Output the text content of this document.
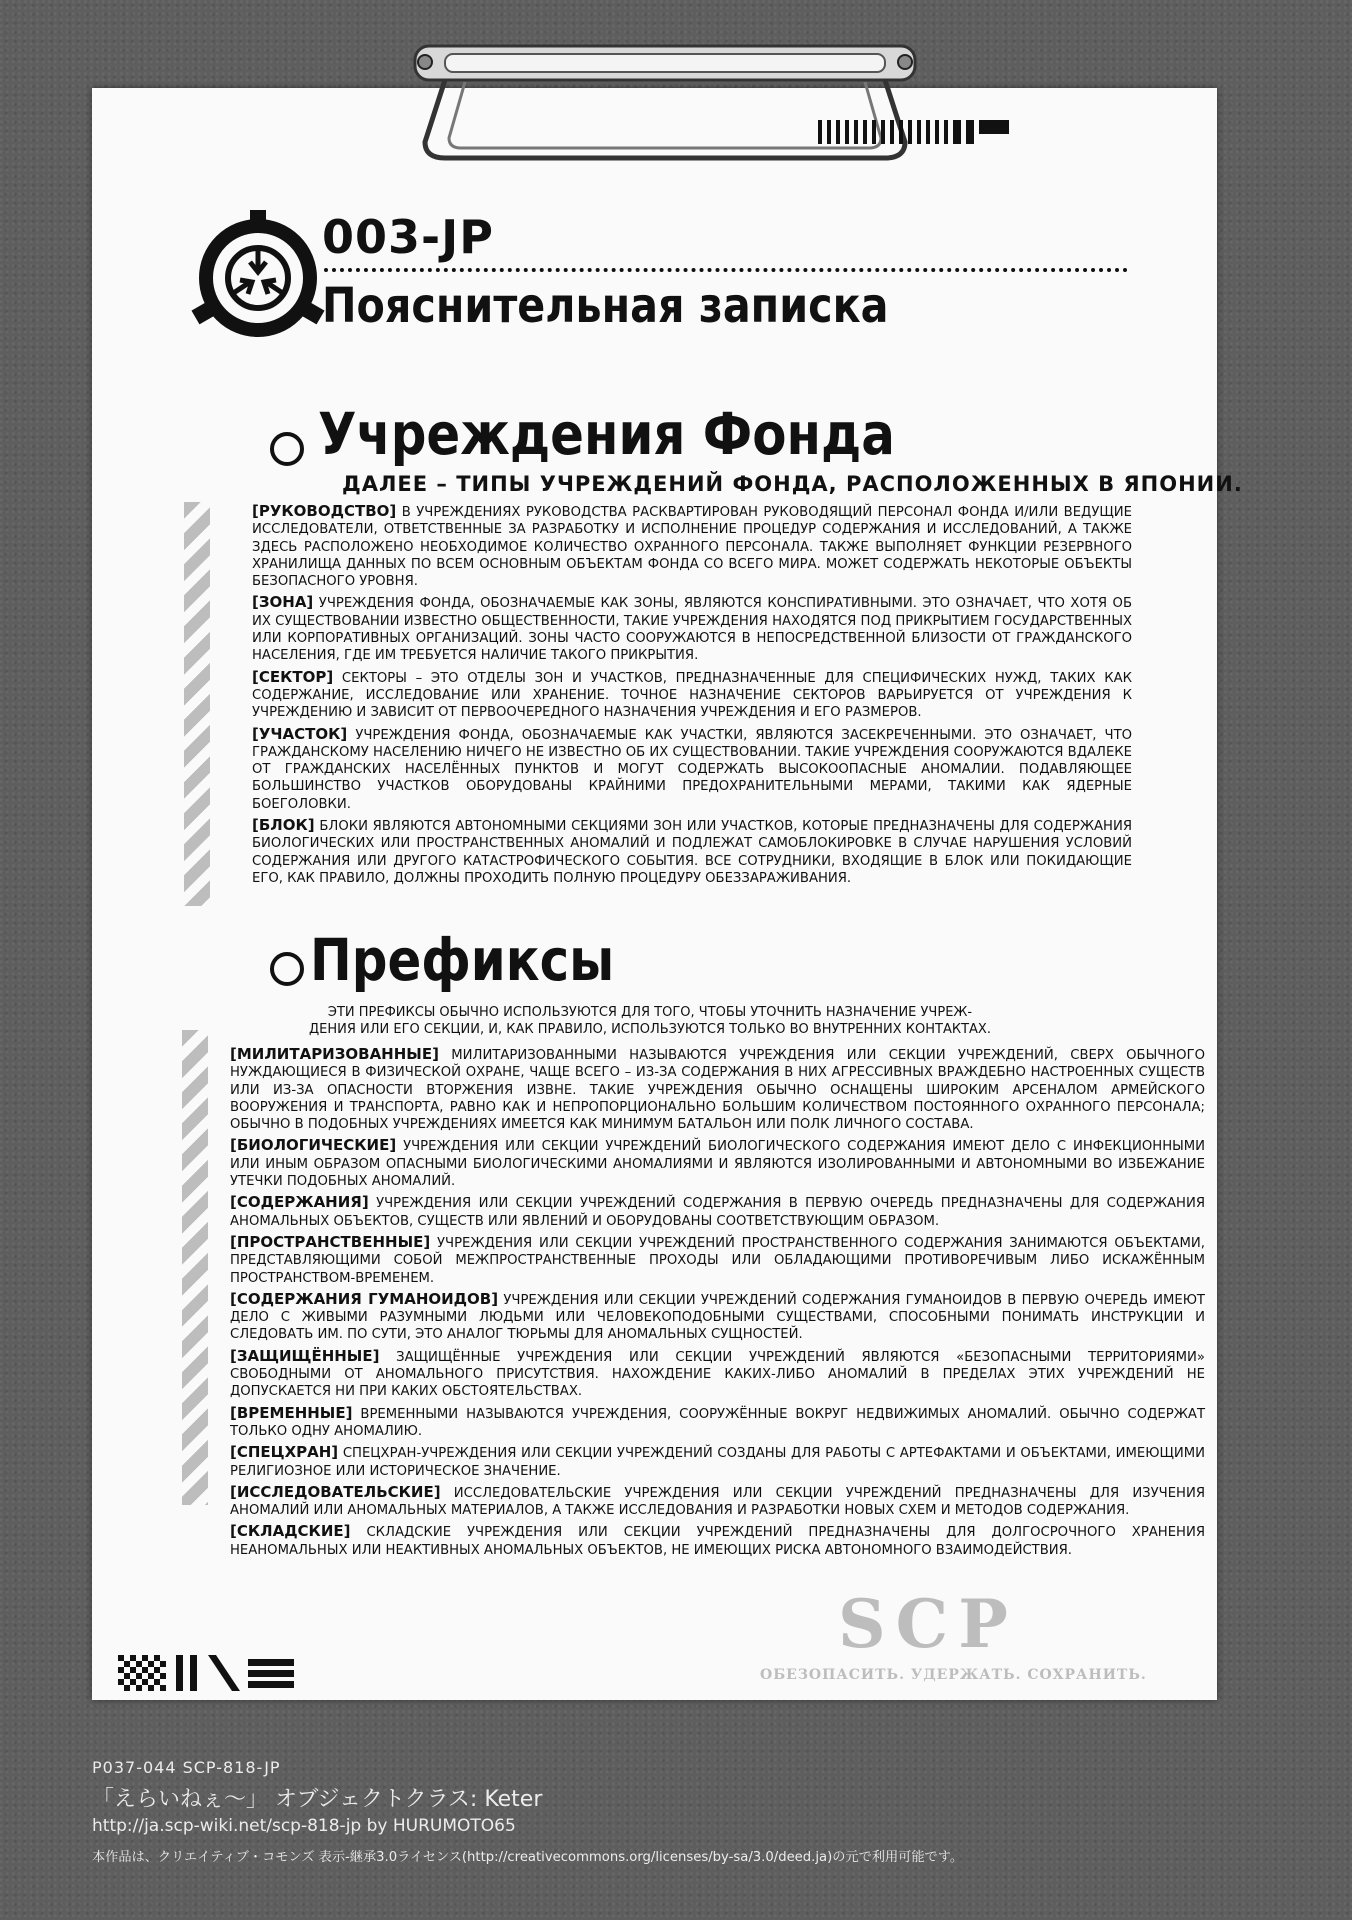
003-JP
Пояснительная записка
Учреждения Фонда
ДАЛЕЕ – ТИПЫ УЧРЕЖДЕНИЙ ФОНДА, РАСПОЛОЖЕННЫХ В ЯПОНИИ.

[РУКОВОДСТВО] В УЧРЕЖДЕНИЯХ РУКОВОДСТВА РАСКВАРТИРОВАН РУКОВОДЯЩИЙ ПЕРСОНАЛ ФОНДА И/ИЛИ ВЕДУЩИЕ ИССЛЕДОВАТЕЛИ, ОТВЕТСТВЕННЫЕ ЗА РАЗРАБОТКУ И ИСПОЛНЕНИЕ ПРОЦЕДУР СОДЕРЖАНИЯ И ИССЛЕДОВАНИЙ, А ТАКЖЕ ЗДЕСЬ РАСПОЛОЖЕНО НЕОБХОДИМОЕ КОЛИЧЕСТВО ОХРАННОГО ПЕРСОНАЛА. ТАКЖЕ ВЫПОЛНЯЕТ ФУНКЦИИ РЕЗЕРВНОГО ХРАНИЛИЩА ДАННЫХ ПО ВСЕМ ОСНОВНЫМ ОБЪЕКТАМ ФОНДА СО ВСЕГО МИРА. МОЖЕТ СОДЕРЖАТЬ НЕКОТОРЫЕ ОБЪЕКТЫ БЕЗОПАСНОГО УРОВНЯ.

[ЗОНА] УЧРЕЖДЕНИЯ ФОНДА, ОБОЗНАЧАЕМЫЕ КАК ЗОНЫ, ЯВЛЯЮТСЯ КОНСПИРАТИВНЫМИ. ЭТО ОЗНАЧАЕТ, ЧТО ХОТЯ ОБ ИХ СУЩЕСТВОВАНИИ ИЗВЕСТНО ОБЩЕСТВЕННОСТИ, ТАКИЕ УЧРЕЖДЕНИЯ НАХОДЯТСЯ ПОД ПРИКРЫТИЕМ ГОСУДАРСТВЕННЫХ ИЛИ КОРПОРАТИВНЫХ ОРГАНИЗАЦИЙ. ЗОНЫ ЧАСТО СООРУЖАЮТСЯ В НЕПОСРЕДСТВЕННОЙ БЛИЗОСТИ ОТ ГРАЖДАНСКОГО НАСЕЛЕНИЯ, ГДЕ ИМ ТРЕБУЕТСЯ НАЛИЧИЕ ТАКОГО ПРИКРЫТИЯ.

[СЕКТОР] СЕКТОРЫ – ЭТО ОТДЕЛЫ ЗОН И УЧАСТКОВ, ПРЕДНАЗНАЧЕННЫЕ ДЛЯ СПЕЦИФИЧЕСКИХ НУЖД, ТАКИХ КАК СОДЕРЖАНИЕ, ИССЛЕДОВАНИЕ ИЛИ ХРАНЕНИЕ. ТОЧНОЕ НАЗНАЧЕНИЕ СЕКТОРОВ ВАРЬИРУЕТСЯ ОТ УЧРЕЖДЕНИЯ К УЧРЕЖДЕНИЮ И ЗАВИСИТ ОТ ПЕРВООЧЕРЕДНОГО НАЗНАЧЕНИЯ УЧРЕЖДЕНИЯ И ЕГО РАЗМЕРОВ.

[УЧАСТОК] УЧРЕЖДЕНИЯ ФОНДА, ОБОЗНАЧАЕМЫЕ КАК УЧАСТКИ, ЯВЛЯЮТСЯ ЗАСЕКРЕЧЕННЫМИ. ЭТО ОЗНАЧАЕТ, ЧТО ГРАЖДАНСКОМУ НАСЕЛЕНИЮ НИЧЕГО НЕ ИЗВЕСТНО ОБ ИХ СУЩЕСТВОВАНИИ. ТАКИЕ УЧРЕЖДЕНИЯ СООРУЖАЮТСЯ ВДАЛЕКЕ ОТ ГРАЖДАНСКИХ НАСЕЛЁННЫХ ПУНКТОВ И МОГУТ СОДЕРЖАТЬ ВЫСОКООПАСНЫЕ АНОМАЛИИ. ПОДАВЛЯЮЩЕЕ БОЛЬШИНСТВО УЧАСТКОВ ОБОРУДОВАНЫ КРАЙНИМИ ПРЕДОХРАНИТЕЛЬНЫМИ МЕРАМИ, ТАКИМИ КАК ЯДЕРНЫЕ БОЕГОЛОВКИ.

[БЛОК] БЛОКИ ЯВЛЯЮТСЯ АВТОНОМНЫМИ СЕКЦИЯМИ ЗОН ИЛИ УЧАСТКОВ, КОТОРЫЕ ПРЕДНАЗНАЧЕНЫ ДЛЯ СОДЕРЖАНИЯ БИОЛОГИЧЕСКИХ ИЛИ ПРОСТРАНСТВЕННЫХ АНОМАЛИЙ И ПОДЛЕЖАТ САМОБЛОКИРОВКЕ В СЛУЧАЕ НАРУШЕНИЯ УСЛОВИЙ СОДЕРЖАНИЯ ИЛИ ДРУГОГО КАТАСТРОФИЧЕСКОГО СОБЫТИЯ. ВСЕ СОТРУДНИКИ, ВХОДЯЩИЕ В БЛОК ИЛИ ПОКИДАЮЩИЕ ЕГО, КАК ПРАВИЛО, ДОЛЖНЫ ПРОХОДИТЬ ПОЛНУЮ ПРОЦЕДУРУ ОБЕЗЗАРАЖИВАНИЯ.

Префиксы
ЭТИ ПРЕФИКСЫ ОБЫЧНО ИСПОЛЬЗУЮТСЯ ДЛЯ ТОГО, ЧТОБЫ УТОЧНИТЬ НАЗНАЧЕНИЕ УЧРЕЖ-
ДЕНИЯ ИЛИ ЕГО СЕКЦИИ, И, КАК ПРАВИЛО, ИСПОЛЬЗУЮТСЯ ТОЛЬКО ВО ВНУТРЕННИХ КОНТАКТАХ.

[МИЛИТАРИЗОВАННЫЕ] МИЛИТАРИЗОВАННЫМИ НАЗЫВАЮТСЯ УЧРЕЖДЕНИЯ ИЛИ СЕКЦИИ УЧРЕЖДЕНИЙ, СВЕРХ ОБЫЧНОГО НУЖДАЮЩИЕСЯ В ФИЗИЧЕСКОЙ ОХРАНЕ, ЧАЩЕ ВСЕГО – ИЗ-ЗА СОДЕРЖАНИЯ В НИХ АГРЕССИВНЫХ ВРАЖДЕБНО НАСТРОЕННЫХ СУЩЕСТВ ИЛИ ИЗ-ЗА ОПАСНОСТИ ВТОРЖЕНИЯ ИЗВНЕ. ТАКИЕ УЧРЕЖДЕНИЯ ОБЫЧНО ОСНАЩЕНЫ ШИРОКИМ АРСЕНАЛОМ АРМЕЙСКОГО ВООРУЖЕНИЯ И ТРАНСПОРТА, РАВНО КАК И НЕПРОПОРЦИОНАЛЬНО БОЛЬШИМ КОЛИЧЕСТВОМ ПОСТОЯННОГО ОХРАННОГО ПЕРСОНАЛА; ОБЫЧНО В ПОДОБНЫХ УЧРЕЖДЕНИЯХ ИМЕЕТСЯ КАК МИНИМУМ БАТАЛЬОН ИЛИ ПОЛК ЛИЧНОГО СОСТАВА.

[БИОЛОГИЧЕСКИЕ] УЧРЕЖДЕНИЯ ИЛИ СЕКЦИИ УЧРЕЖДЕНИЙ БИОЛОГИЧЕСКОГО СОДЕРЖАНИЯ ИМЕЮТ ДЕЛО С ИНФЕКЦИОННЫМИ ИЛИ ИНЫМ ОБРАЗОМ ОПАСНЫМИ БИОЛОГИЧЕСКИМИ АНОМАЛИЯМИ И ЯВЛЯЮТСЯ ИЗОЛИРОВАННЫМИ И АВТОНОМНЫМИ ВО ИЗБЕЖАНИЕ УТЕЧКИ ПОДОБНЫХ АНОМАЛИЙ.

[СОДЕРЖАНИЯ] УЧРЕЖДЕНИЯ ИЛИ СЕКЦИИ УЧРЕЖДЕНИЙ СОДЕРЖАНИЯ В ПЕРВУЮ ОЧЕРЕДЬ ПРЕДНАЗНАЧЕНЫ ДЛЯ СОДЕРЖАНИЯ АНОМАЛЬНЫХ ОБЪЕКТОВ, СУЩЕСТВ ИЛИ ЯВЛЕНИЙ И ОБОРУДОВАНЫ СООТВЕТСТВУЮЩИМ ОБРАЗОМ.

[ПРОСТРАНСТВЕННЫЕ] УЧРЕЖДЕНИЯ ИЛИ СЕКЦИИ УЧРЕЖДЕНИЙ ПРОСТРАНСТВЕННОГО СОДЕРЖАНИЯ ЗАНИМАЮТСЯ ОБЪЕКТАМИ, ПРЕДСТАВЛЯЮЩИМИ СОБОЙ МЕЖПРОСТРАНСТВЕННЫЕ ПРОХОДЫ ИЛИ ОБЛАДАЮЩИМИ ПРОТИВОРЕЧИВЫМ ЛИБО ИСКАЖЁННЫМ ПРОСТРАНСТВОМ-ВРЕМЕНЕМ.

[СОДЕРЖАНИЯ ГУМАНОИДОВ] УЧРЕЖДЕНИЯ ИЛИ СЕКЦИИ УЧРЕЖДЕНИЙ СОДЕРЖАНИЯ ГУМАНОИДОВ В ПЕРВУЮ ОЧЕРЕДЬ ИМЕЮТ ДЕЛО С ЖИВЫМИ РАЗУМНЫМИ ЛЮДЬМИ ИЛИ ЧЕЛОВЕКОПОДОБНЫМИ СУЩЕСТВАМИ, СПОСОБНЫМИ ПОНИМАТЬ ИНСТРУКЦИИ И СЛЕДОВАТЬ ИМ. ПО СУТИ, ЭТО АНАЛОГ ТЮРЬМЫ ДЛЯ АНОМАЛЬНЫХ СУЩНОСТЕЙ.

[ЗАЩИЩЁННЫЕ] ЗАЩИЩЁННЫЕ УЧРЕЖДЕНИЯ ИЛИ СЕКЦИИ УЧРЕЖДЕНИЙ ЯВЛЯЮТСЯ «БЕЗОПАСНЫМИ ТЕРРИТОРИЯМИ» СВОБОДНЫМИ ОТ АНОМАЛЬНОГО ПРИСУТСТВИЯ. НАХОЖДЕНИЕ КАКИХ-ЛИБО АНОМАЛИЙ В ПРЕДЕЛАХ ЭТИХ УЧРЕЖДЕНИЙ НЕ ДОПУСКАЕТСЯ НИ ПРИ КАКИХ ОБСТОЯТЕЛЬСТВАХ.

[ВРЕМЕННЫЕ] ВРЕМЕННЫМИ НАЗЫВАЮТСЯ УЧРЕЖДЕНИЯ, СООРУЖЁННЫЕ ВОКРУГ НЕДВИЖИМЫХ АНОМАЛИЙ. ОБЫЧНО СОДЕРЖАТ ТОЛЬКО ОДНУ АНОМАЛИЮ.

[СПЕЦХРАН] СПЕЦХРАН-УЧРЕЖДЕНИЯ ИЛИ СЕКЦИИ УЧРЕЖДЕНИЙ СОЗДАНЫ ДЛЯ РАБОТЫ С АРТЕФАКТАМИ И ОБЪЕКТАМИ, ИМЕЮЩИМИ РЕЛИГИОЗНОЕ ИЛИ ИСТОРИЧЕСКОЕ ЗНАЧЕНИЕ.

[ИССЛЕДОВАТЕЛЬСКИЕ] ИССЛЕДОВАТЕЛЬСКИЕ УЧРЕЖДЕНИЯ ИЛИ СЕКЦИИ УЧРЕЖДЕНИЙ ПРЕДНАЗНАЧЕНЫ ДЛЯ ИЗУЧЕНИЯ АНОМАЛИЙ ИЛИ АНОМАЛЬНЫХ МАТЕРИАЛОВ, А ТАКЖЕ ИССЛЕДОВАНИЯ И РАЗРАБОТКИ НОВЫХ СХЕМ И МЕТОДОВ СОДЕРЖАНИЯ.

[СКЛАДСКИЕ] СКЛАДСКИЕ УЧРЕЖДЕНИЯ ИЛИ СЕКЦИИ УЧРЕЖДЕНИЙ ПРЕДНАЗНАЧЕНЫ ДЛЯ ДОЛГОСРОЧНОГО ХРАНЕНИЯ НЕАНОМАЛЬНЫХ ИЛИ НЕАКТИВНЫХ АНОМАЛЬНЫХ ОБЪЕКТОВ, НЕ ИМЕЮЩИХ РИСКА АВТОНОМНОГО ВЗАИМОДЕЙСТВИЯ.

SCP
ОБЕЗОПАСИТЬ. УДЕРЖАТЬ. СОХРАНИТЬ.
P037-044 SCP-818-JP
「えらいねぇ～」 オブジェクトクラス: Keter
http://ja.scp-wiki.net/scp-818-jp by HURUMOTO65
本作品は、クリエイティブ・コモンズ 表示-継承3.0ライセンス(http://creativecommons.org/licenses/by-sa/3.0/deed.ja)の元で利用可能です。
